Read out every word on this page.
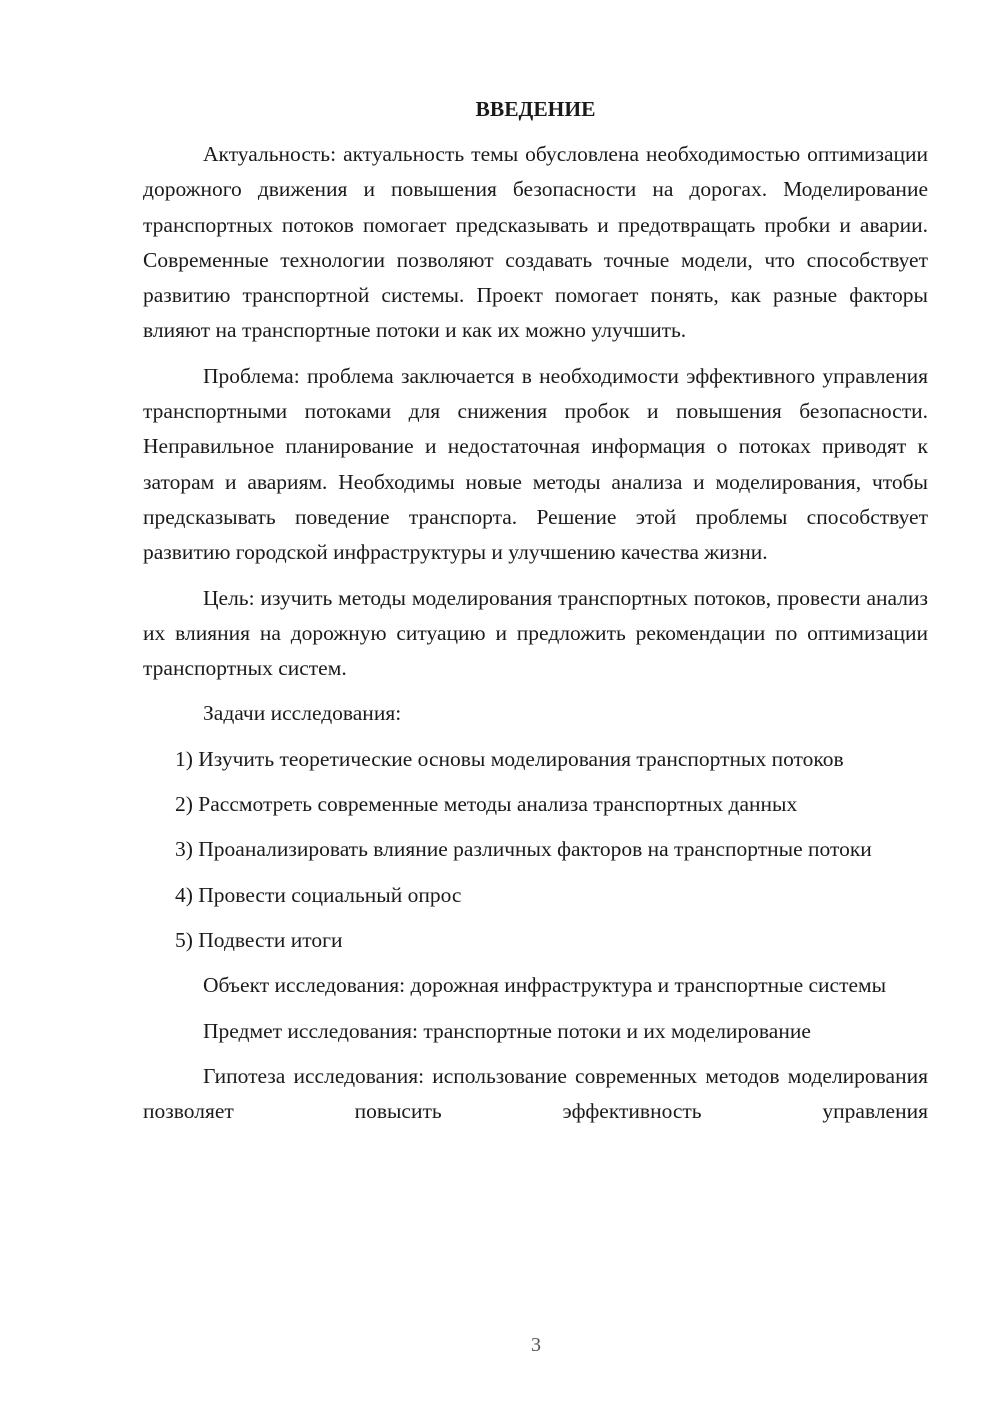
ВВЕДЕНИЕ

Актуальность: актуальность темы обусловлена необходимостью оптимизации дорожного движения и повышения безопасности на дорогах. Моделирование транспортных потоков помогает предсказывать и предотвращать пробки и аварии. Современные технологии позволяют создавать точные модели, что способствует развитию транспортной системы. Проект помогает понять, как разные факторы влияют на транспортные потоки и как их можно улучшить.

Проблема: проблема заключается в необходимости эффективного управления транспортными потоками для снижения пробок и повышения безопасности. Неправильное планирование и недостаточная информация о потоках приводят к заторам и авариям. Необходимы новые методы анализа и моделирования, чтобы предсказывать поведение транспорта. Решение этой проблемы способствует развитию городской инфраструктуры и улучшению качества жизни.

Цель: изучить методы моделирования транспортных потоков, провести анализ их влияния на дорожную ситуацию и предложить рекомендации по оптимизации транспортных систем.

Задачи исследования:

1) Изучить теоретические основы моделирования транспортных потоков

2) Рассмотреть современные методы анализа транспортных данных

3) Проанализировать влияние различных факторов на транспортные потоки

4) Провести социальный опрос

5) Подвести итоги

Объект исследования: дорожная инфраструктура и транспортные системы

Предмет исследования: транспортные потоки и их моделирование

Гипотеза исследования: использование современных методов моделирования позволяет повысить эффективность управления

3
